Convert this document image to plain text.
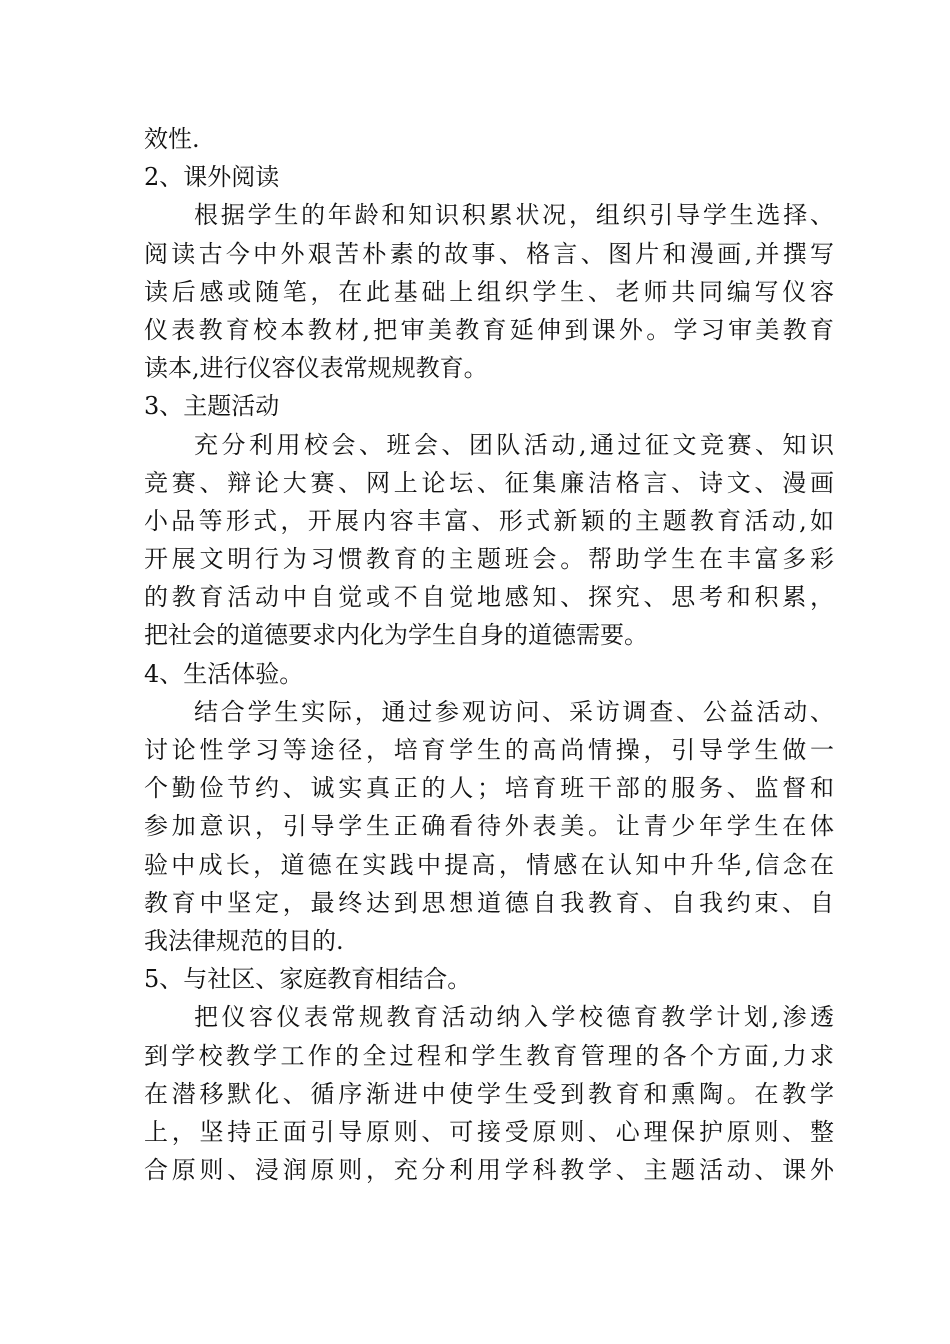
效性.
2、课外阅读
根据学生的年龄和知识积累状况，组织引导学生选择、
阅读古今中外艰苦朴素的故事、格言、图片和漫画,并撰写
读后感或随笔，在此基础上组织学生、老师共同编写仪容
仪表教育校本教材,把审美教育延伸到课外。学习审美教育
读本,进行仪容仪表常规规教育。
3、主题活动
充分利用校会、班会、团队活动,通过征文竞赛、知识
竞赛、辩论大赛、网上论坛、征集廉洁格言、诗文、漫画
小品等形式，开展内容丰富、形式新颖的主题教育活动,如
开展文明行为习惯教育的主题班会。帮助学生在丰富多彩
的教育活动中自觉或不自觉地感知、探究、思考和积累，
把社会的道德要求内化为学生自身的道德需要。
4、生活体验。
结合学生实际，通过参观访问、采访调查、公益活动、
讨论性学习等途径，培育学生的高尚情操，引导学生做一
个勤俭节约、诚实真正的人；培育班干部的服务、监督和
参加意识，引导学生正确看待外表美。让青少年学生在体
验中成长，道德在实践中提高，情感在认知中升华,信念在
教育中坚定，最终达到思想道德自我教育、自我约束、自
我法律规范的目的.
5、与社区、家庭教育相结合。
把仪容仪表常规教育活动纳入学校德育教学计划,渗透
到学校教学工作的全过程和学生教育管理的各个方面,力求
在潜移默化、循序渐进中使学生受到教育和熏陶。在教学
上，坚持正面引导原则、可接受原则、心理保护原则、整
合原则、浸润原则，充分利用学科教学、主题活动、课外
